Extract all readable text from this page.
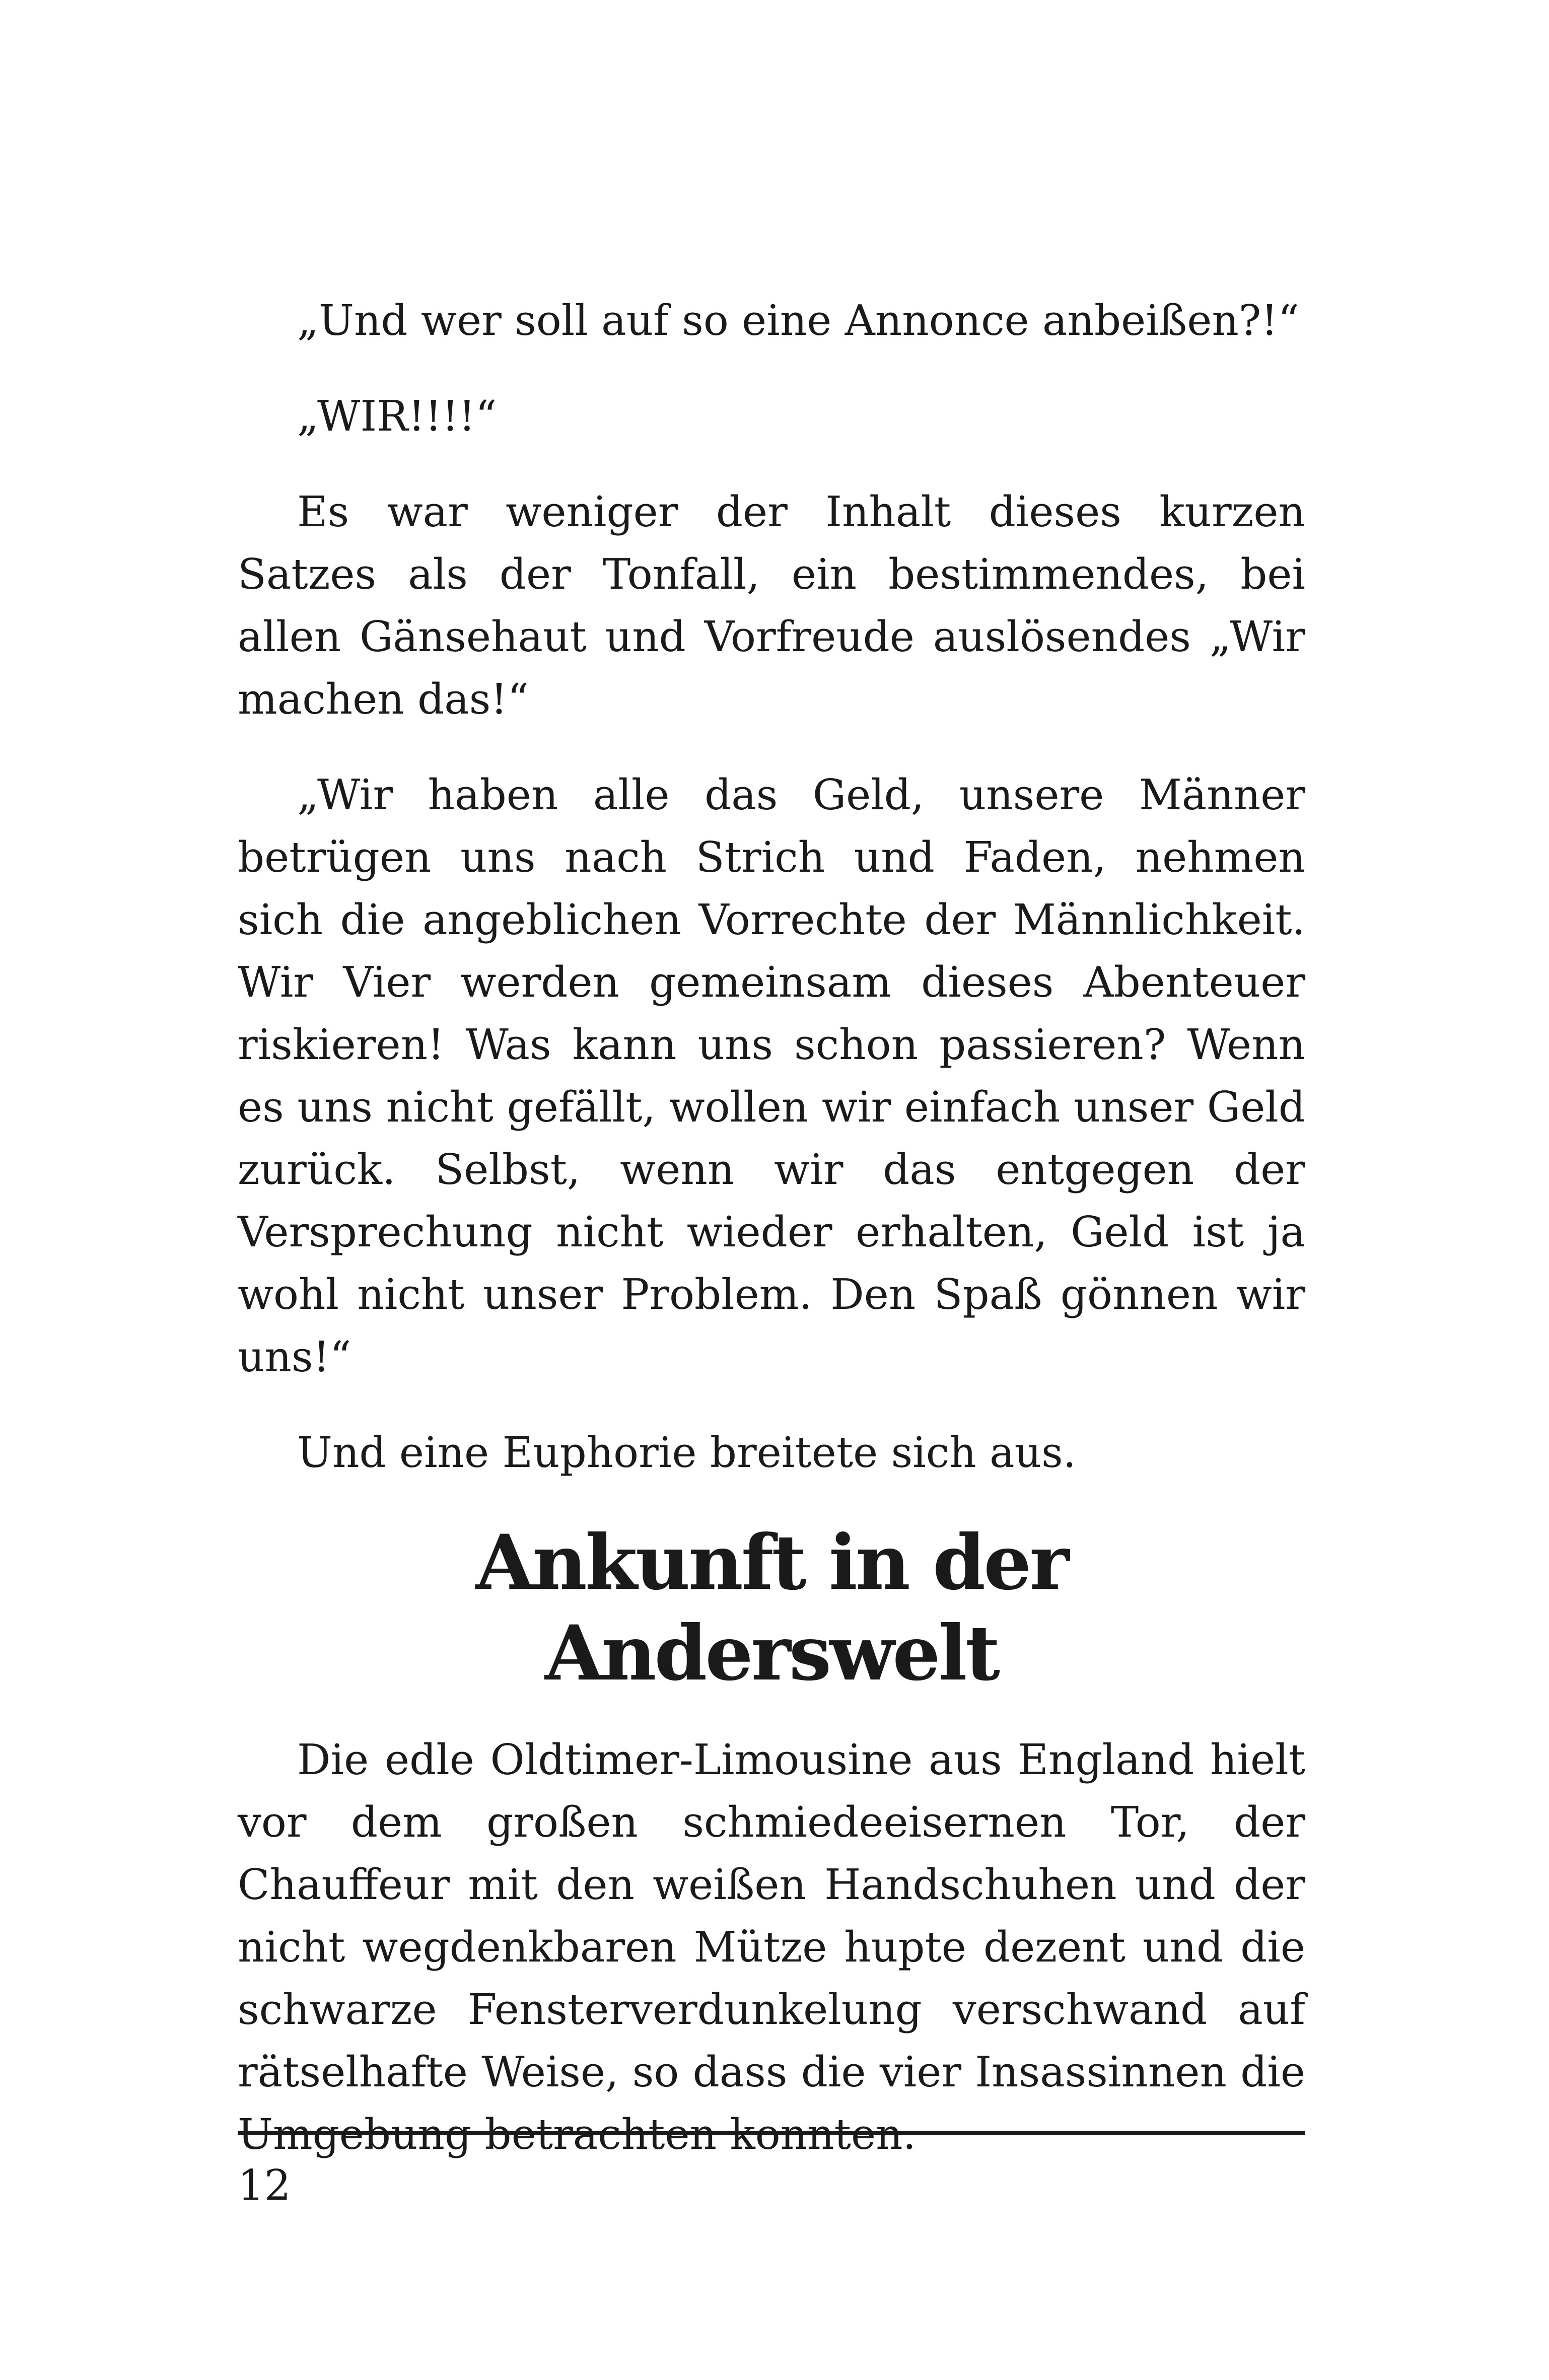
„Und wer soll auf so eine Annonce anbeißen?!“

„WIR!!!!“

Es war weniger der Inhalt dieses kurzen Satzes als der Tonfall, ein bestimmendes, bei allen Gänsehaut und Vorfreude auslösendes „Wir machen das!“

„Wir haben alle das Geld, unsere Männer betrügen uns nach Strich und Faden, nehmen sich die angeblichen Vorrechte der Männlichkeit. Wir Vier werden gemeinsam dieses Abenteuer riskieren! Was kann uns schon passieren? Wenn es uns nicht gefällt, wollen wir einfach unser Geld zurück. Selbst, wenn wir das entgegen der Versprechung nicht wieder erhalten, Geld ist ja wohl nicht unser Problem. Den Spaß gönnen wir uns!“

Und eine Euphorie breitete sich aus.

Ankunft in der Anderswelt

Die edle Oldtimer-Limousine aus England hielt vor dem großen schmiedeeisernen Tor, der Chauffeur mit den weißen Handschuhen und der nicht wegdenkbaren Mütze hupte dezent und die schwarze Fensterverdunkelung verschwand auf rätselhafte Weise, so dass die vier Insassinnen die Umgebung betrachten konnten.

12
